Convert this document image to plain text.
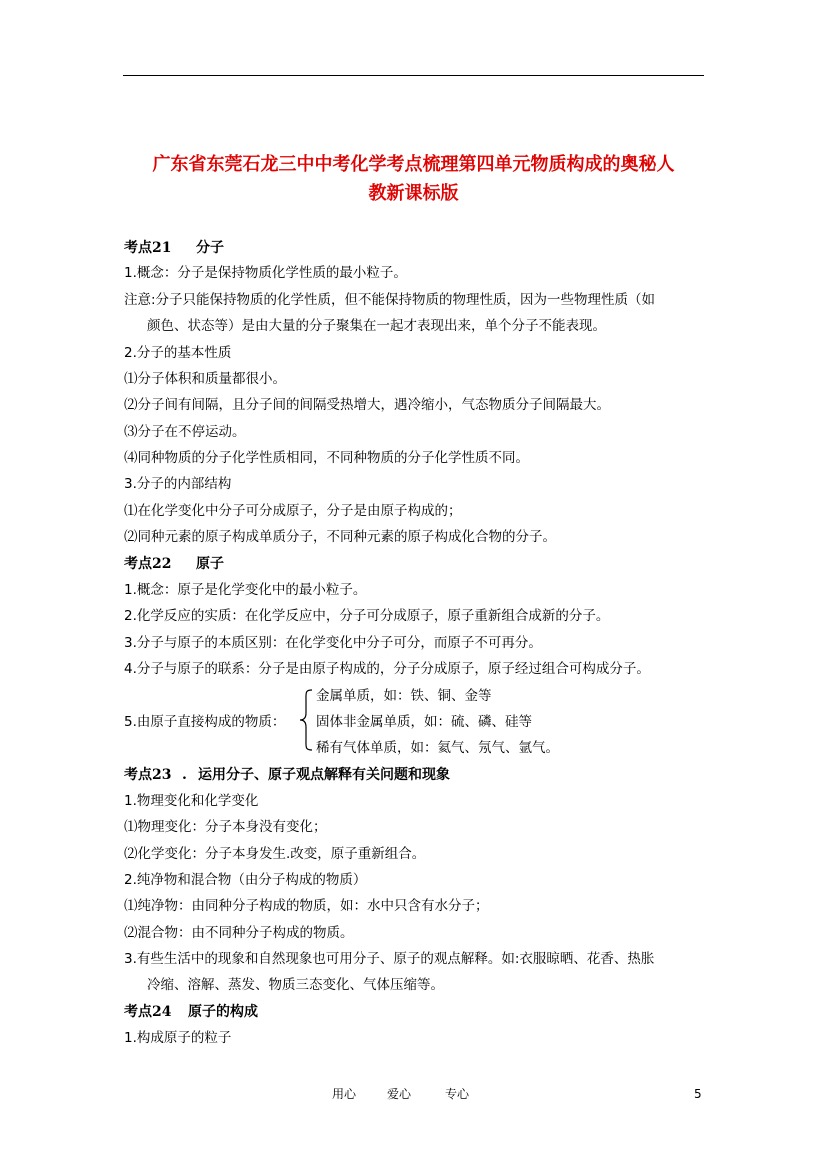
广东省东莞石龙三中中考化学考点梳理第四单元物质构成的奥秘人
教新课标版
考点21 分子
1.概念：分子是保持物质化学性质的最小粒子。
注意:分子只能保持物质的化学性质，但不能保持物质的物理性质，因为一些物理性质（如
颜色、状态等）是由大量的分子聚集在一起才表现出来，单个分子不能表现。
2.分子的基本性质
⑴分子体积和质量都很小。
⑵分子间有间隔，且分子间的间隔受热增大，遇冷缩小，气态物质分子间隔最大。
⑶分子在不停运动。
⑷同种物质的分子化学性质相同，不同种物质的分子化学性质不同。
3.分子的内部结构
⑴在化学变化中分子可分成原子，分子是由原子构成的；
⑵同种元素的原子构成单质分子，不同种元素的原子构成化合物的分子。
考点22 原子
1.概念：原子是化学变化中的最小粒子。
2.化学反应的实质：在化学反应中，分子可分成原子，原子重新组合成新的分子。
3.分子与原子的本质区别：在化学变化中分子可分，而原子不可再分。
4.分子与原子的联系：分子是由原子构成的，分子分成原子，原子经过组合可构成分子。
5.由原子直接构成的物质：
金属单质，如：铁、铜、金等
固体非金属单质，如：硫、磷、硅等
稀有气体单质，如：氦气、氖气、氩气。
考点23 . 运用分子、原子观点解释有关问题和现象
1.物理变化和化学变化
⑴物理变化：分子本身没有变化；
⑵化学变化：分子本身发生.改变，原子重新组合。
2.纯净物和混合物（由分子构成的物质）
⑴纯净物：由同种分子构成的物质，如：水中只含有水分子；
⑵混合物：由不同种分子构成的物质。
3.有些生活中的现象和自然现象也可用分子、原子的观点解释。如:衣服晾晒、花香、热胀
冷缩、溶解、蒸发、物质三态变化、气体压缩等。
考点24 原子的构成
1.构成原子的粒子
用心	爱心	专心	5
